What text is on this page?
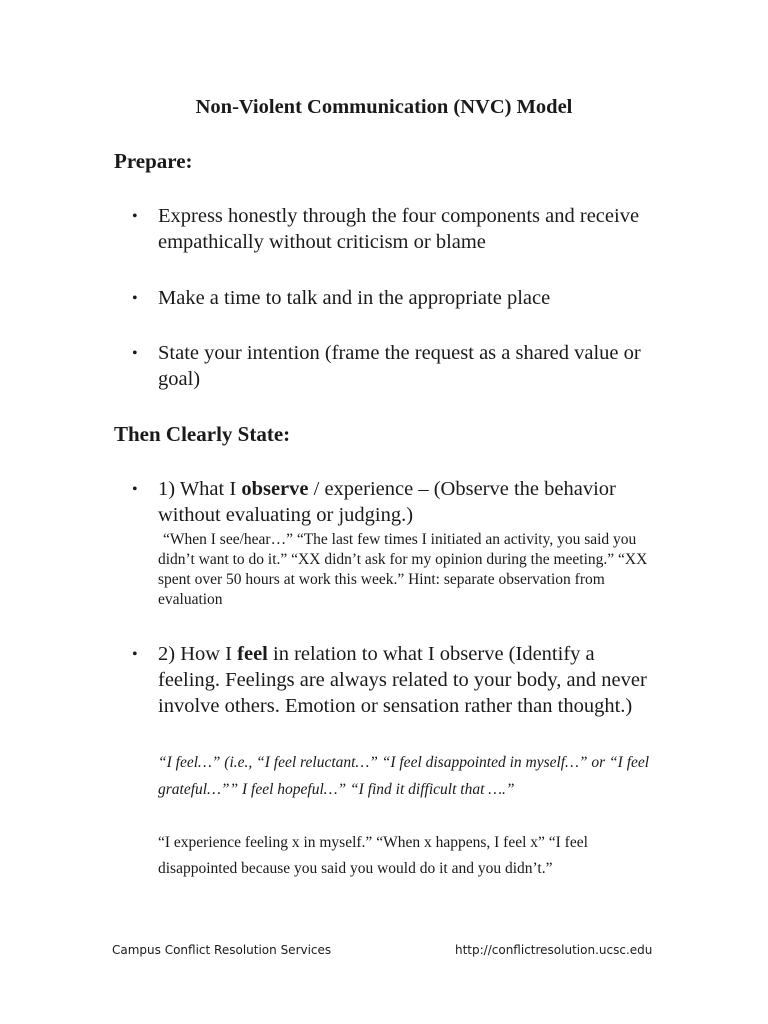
Non-Violent Communication (NVC) Model
Prepare:
•
Express honestly through the four components and receive empathically without criticism or blame
•
Make a time to talk and in the appropriate place
•
State your intention (frame the request as a shared value or goal)
Then Clearly State:
•
1) What I observe / experience – (Observe the behavior without evaluating or judging.)
“When I see/hear…” “The last few times I initiated an activity, you said you didn’t want to do it.” “XX didn’t ask for my opinion during the meeting.” “XX spent over 50 hours at work this week.” Hint: separate observation from evaluation
•
2) How I feel in relation to what I observe (Identify a feeling. Feelings are always related to your body, and never involve others. Emotion or sensation rather than thought.)
“I feel…” (i.e., “I feel reluctant…” “I feel disappointed in myself…” or “I feel grateful…”” I feel hopeful…” “I find it difficult that ….”
“I experience feeling x in myself.” “When x happens, I feel x” “I feel disappointed because you said you would do it and you didn’t.”
Campus Conflict Resolution Services	http://conflictresolution.ucsc.edu
